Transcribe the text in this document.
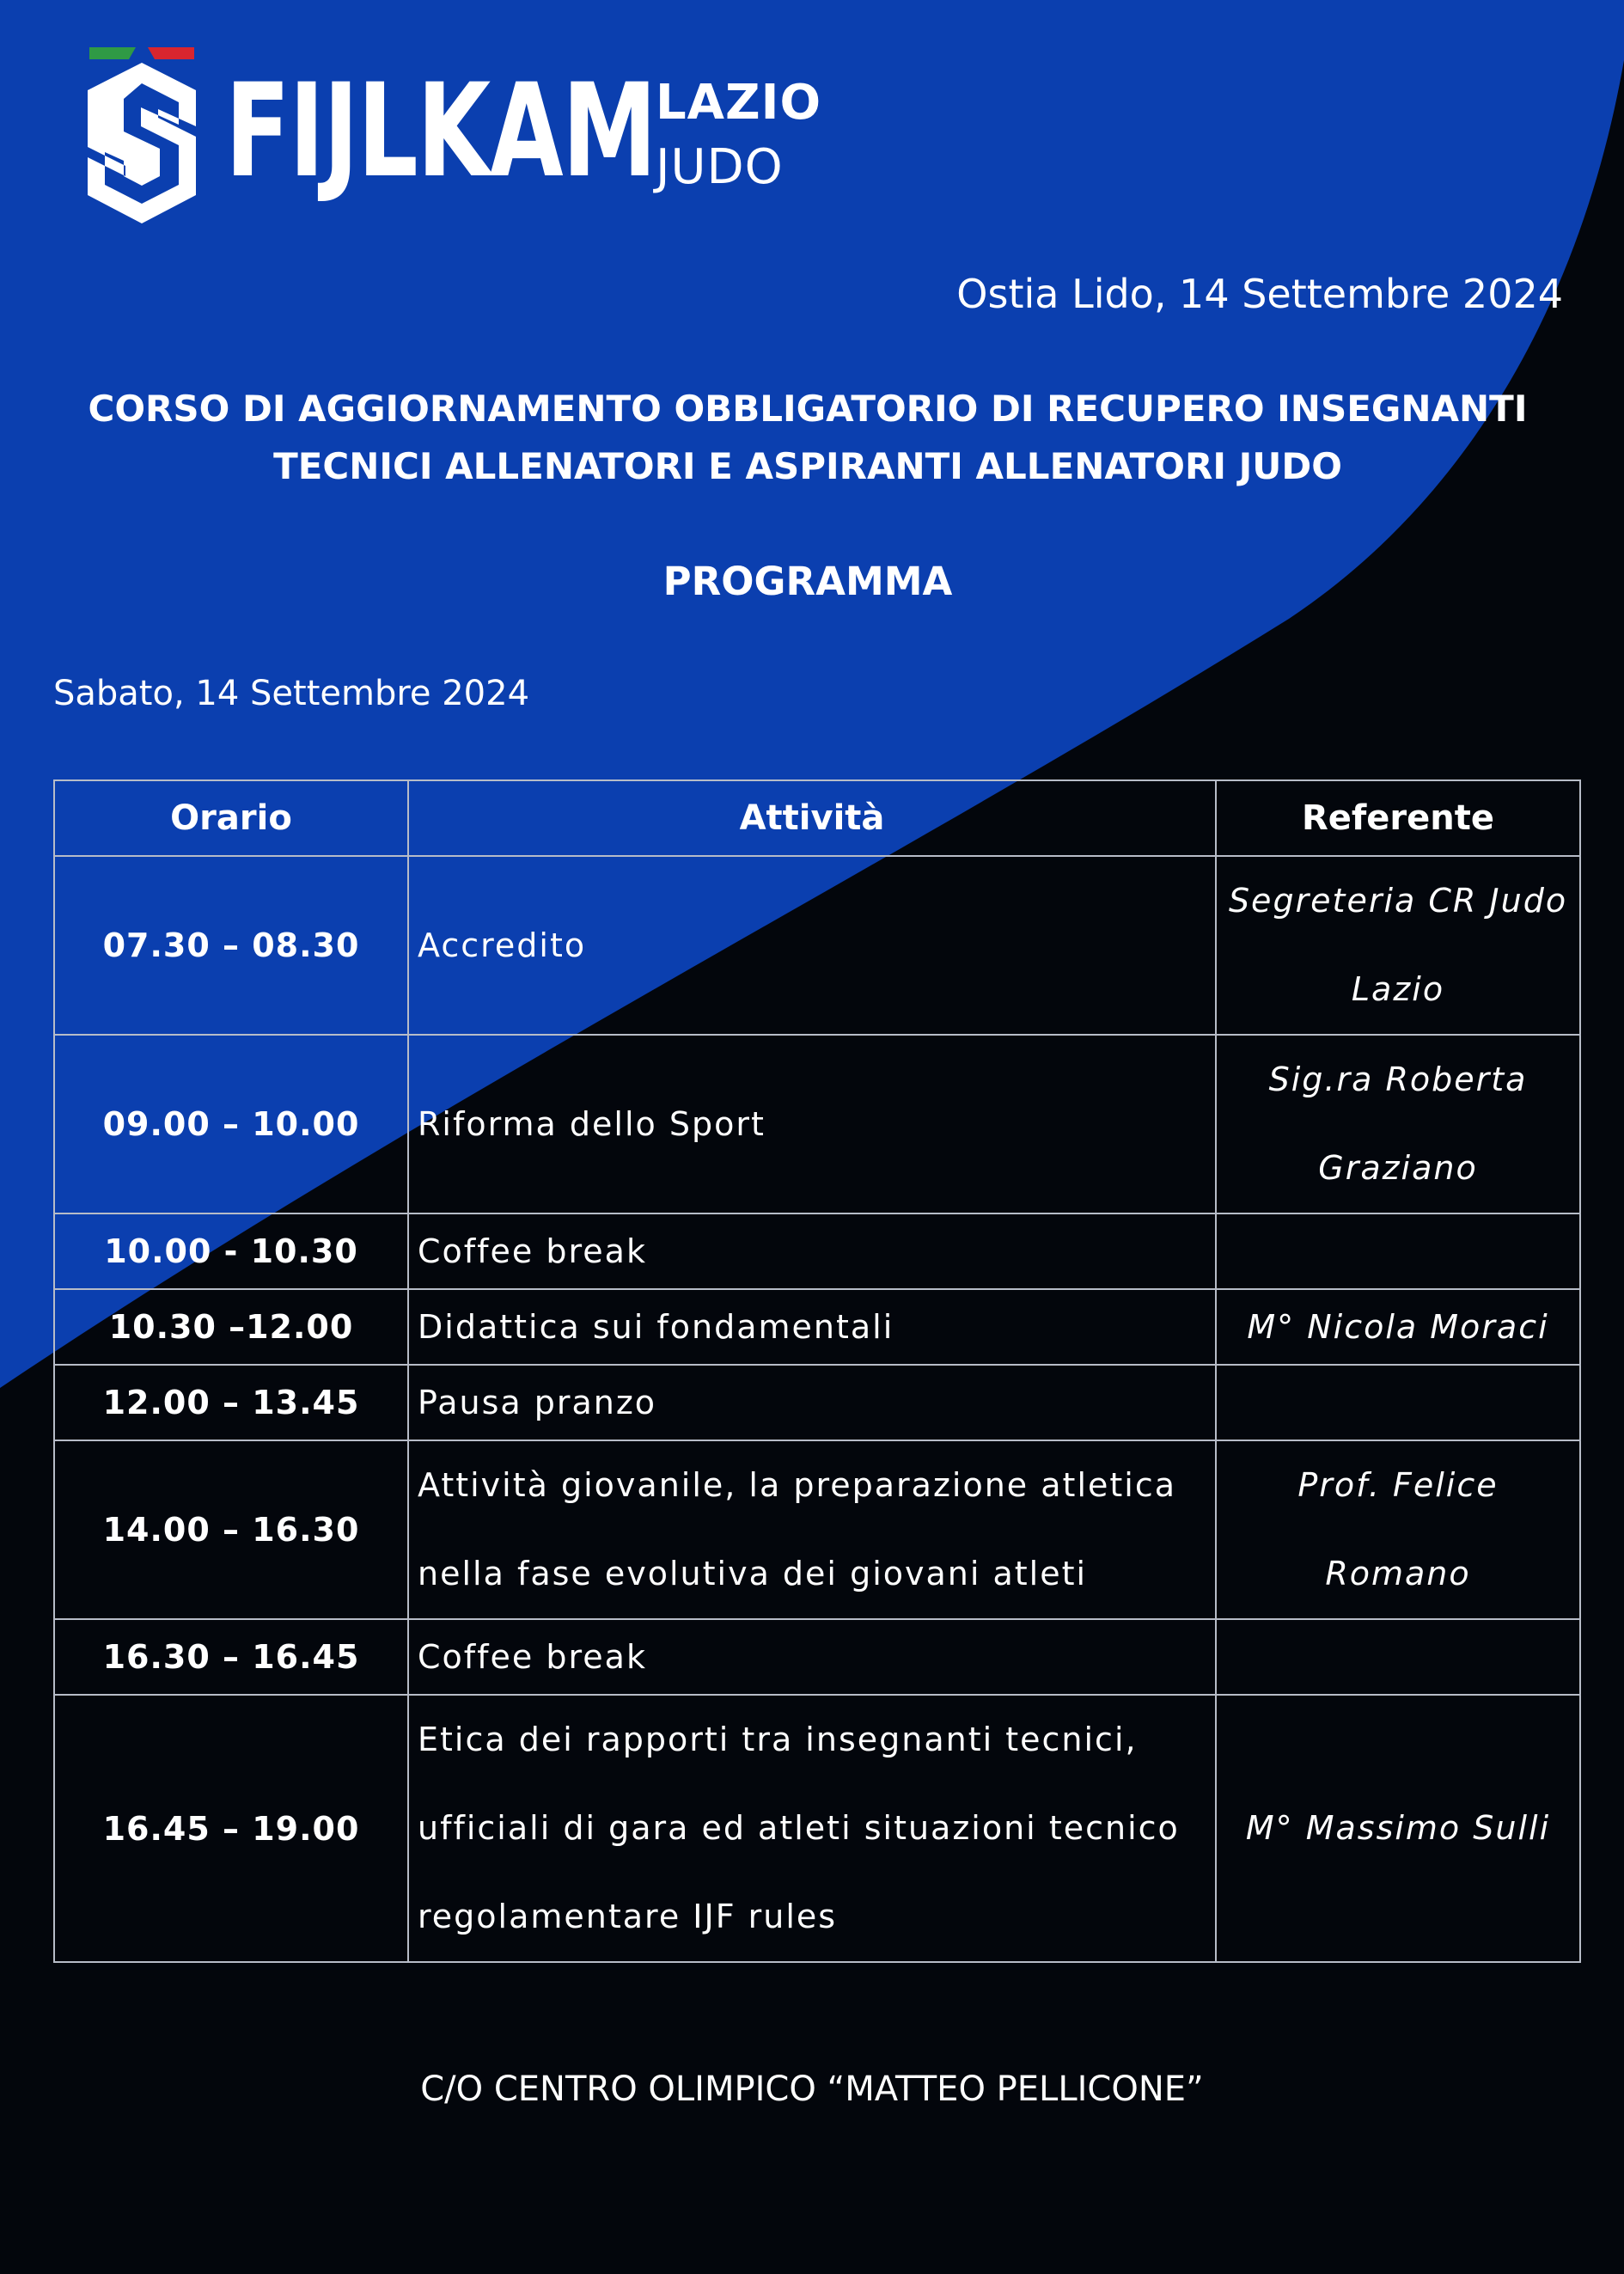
FIJLKAM LAZIO
JUDO
Ostia Lido, 14 Settembre 2024
CORSO DI AGGIORNAMENTO OBBLIGATORIO DI RECUPERO INSEGNANTI
TECNICI ALLENATORI E ASPIRANTI ALLENATORI JUDO
PROGRAMMA
Sabato, 14 Settembre 2024
Orario	Attività	Referente
07.30 – 08.30	Accredito	Segreteria CR Judo Lazio
09.00 – 10.00	Riforma dello Sport	Sig.ra Roberta Graziano
10.00 - 10.30	Coffee break	
10.30 –12.00	Didattica sui fondamentali	M° Nicola Moraci
12.00 – 13.45	Pausa pranzo	
14.00 – 16.30	Attività giovanile, la preparazione atletica nella fase evolutiva dei giovani atleti	Prof. Felice Romano
16.30 – 16.45	Coffee break	
16.45 – 19.00	Etica dei rapporti tra insegnanti tecnici, ufficiali di gara ed atleti situazioni tecnico regolamentare IJF rules	M° Massimo Sulli
C/O CENTRO OLIMPICO “MATTEO PELLICONE”
